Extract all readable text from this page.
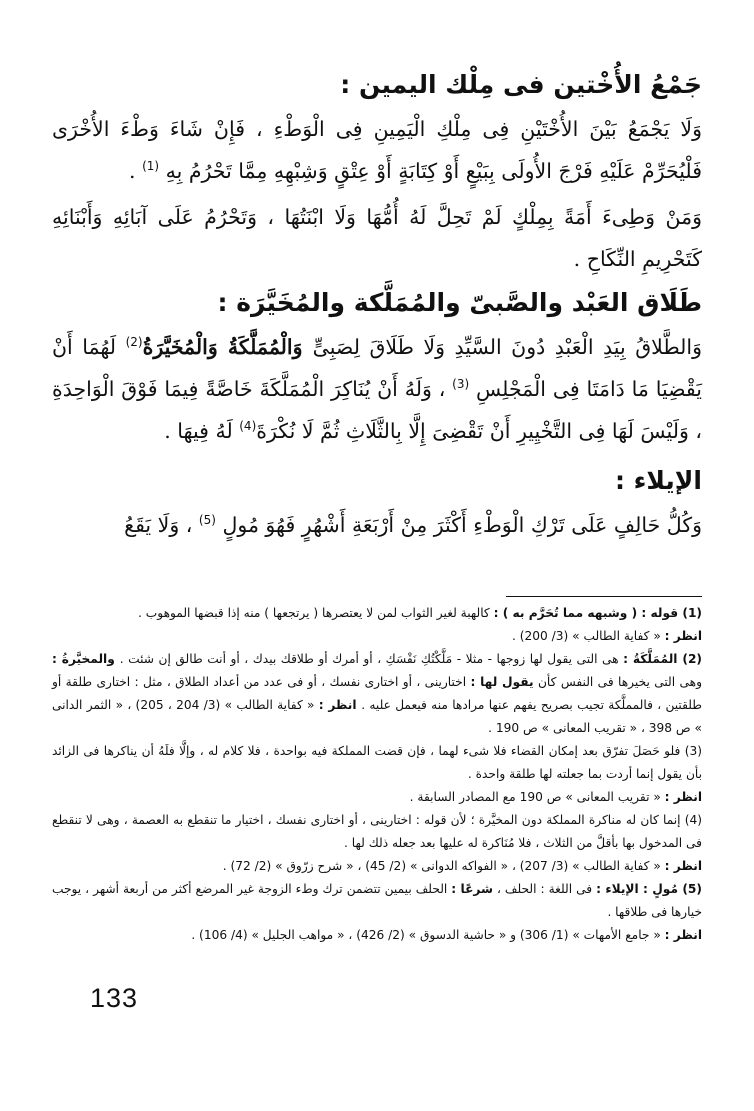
جَمْعُ الأُخْتين فى مِلْك اليمين :

وَلَا يَجْمَعُ بَيْنَ الأُخْتَيْنِ فِى مِلْكِ الْيَمِينِ فِى الْوَطْءِ ، فَإِنْ شَاءَ وَطْءَ الأُخْرَى فَلْيُحَرِّمْ عَلَيْهِ فَرْجَ الأُولَى بِبَيْعٍ أَوْ كِتَابَةٍ أَوْ عِتْقٍ وَشِبْهِهِ مِمَّا تَحْرُمُ بِهِ $^{(1)}$ .

وَمَنْ وَطِىءَ أَمَةً بِمِلْكٍ لَمْ تَحِلَّ لَهُ أُمُّهَا وَلَا ابْنَتُهَا ، وَتَحْرُمُ عَلَى آبَائِهِ وَأَبْنَائِهِ كَتَحْرِيمِ النِّكَاحِ .

طَلَاق العَبْد والصَّبىّ والمُمَلَّكة والمُخَيَّرَة :

وَالطَّلاقُ بِيَدِ الْعَبْدِ دُونَ السَّيِّدِ وَلَا طَلَاقَ لِصَبِىٍّ وَالْمُمَلَّكَةُ وَالْمُخَيَّرَةُ$^{(2)}$ لَهُمَا أَنْ يَقْضِيَا مَا دَامَتَا فِى الْمَجْلِسِ $^{(3)}$ ، وَلَهُ أَنْ يُنَاكِرَ الْمُمَلَّكَةَ خَاصَّةً فِيمَا فَوْقَ الْوَاحِدَةِ ، وَلَيْسَ لَهَا فِى التَّخْيِيرِ أَنْ تَقْضِىَ إِلَّا بِالثَّلَاثِ ثُمَّ لَا نُكْرَةَ$^{(4)}$ لَهُ فِيهَا .

الإيلاء :

وَكُلُّ حَالِفٍ عَلَى تَرْكِ الْوَطْءِ أَكْثَرَ مِنْ أَرْبَعَةِ أَشْهُرٍ فَهُوَ مُولٍ $^{(5)}$ ، وَلَا يَقَعُ

(1) قوله : ( وشبهه مما تُحَرَّم به ) : كالهبة لغير الثواب لمن لا يعتصرها ( يرتجعها ) منه إذا قبضها الموهوب .

انظر : « كفاية الطالب » (3/ 200) .

(2) المُمَلَّكَةُ : هى التى يقول لها زوجها - مثلا - مَلَّكْتُكِ نَفْسَكِ ، أو أمرك أو طلاقك بيدك ، أو أنت طالق إن شئت . والمخيَّرةُ : وهى التى يخيرها فى النفس كأن يقول لها : اختارينى ، أو اختارى نفسك ، أو فى عدد من أعداد الطلاق ، مثل : اختارى طلقة أو طلقتين ، فالمملَّكة تجيب بصريح يفهم عنها مرادها منه فيعمل عليه . انظر : « كفاية الطالب » (3/ 204 ، 205) ، « الثمر الدانى » ص 398 ، « تقريب المعانى » ص 190 .

(3) فلو حَصَلَ تفرّق بعد إمكان القضاء فلا شىء لهما ، فإن قضت المملكة فيه بواحدة ، فلا كلام له ، وإلَّا فلَهُ أن يناكرها فى الزائد بأن يقول إنما أردت بما جعلته لها طلقة واحدة .

انظر : « تقريب المعانى » ص 190 مع المصادر السابقة .

(4) إنما كان له مناكرة المملكة دون المخيَّرة ؛ لأن قوله : اختارينى ، أو اختارى نفسك ، اختيار ما تنقطع به العصمة ، وهى لا تنقطع فى المدخول بها بأقلَّ من الثلاث ، فلا مُنَاكرة له عليها بعد جعله ذلك لها .

انظر : « كفاية الطالب » (3/ 207) ، « الفواكه الدوانى » (2/ 45) ، « شرح زرّوق » (2/ 72) .

(5) مُولٍ : الإيلاء : فى اللغة : الحلف ، شرعًا : الحلف بيمين تتضمن ترك وطء الزوجة غير المرضع أكثر من أربعة أشهر ، يوجب خيارها فى طلاقها .

انظر : « جامع الأمهات » (1/ 306) و « حاشية الدسوق » (2/ 426) ، « مواهب الجليل » (4/ 106) .

133
